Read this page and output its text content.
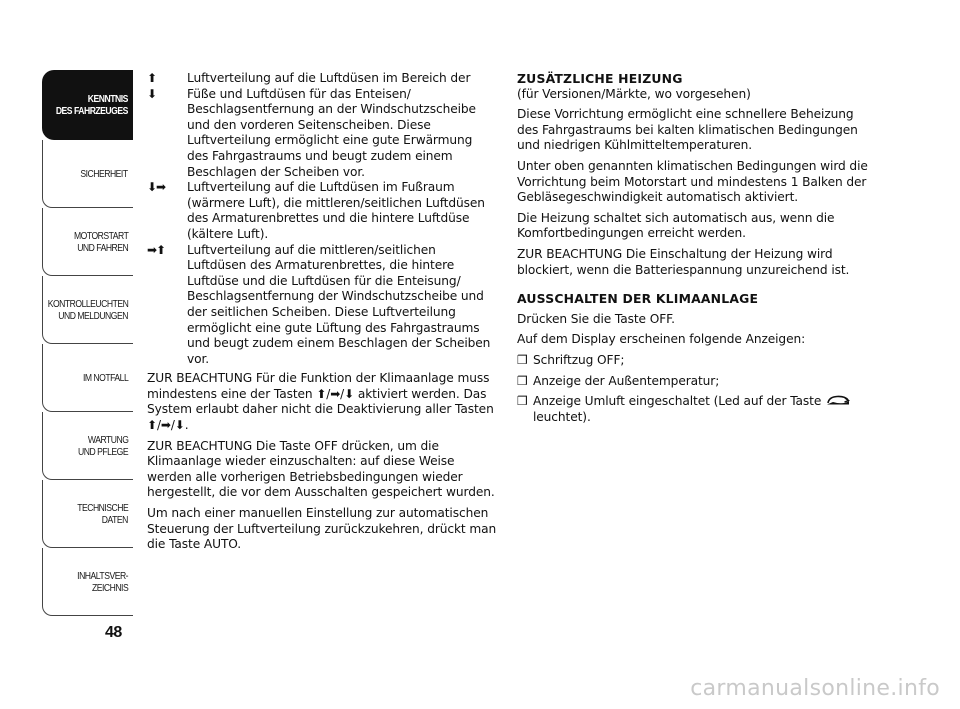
KENNTNIS
DES FAHRZEUGES
SICHERHEIT
MOTORSTART
UND FAHREN
KONTROLLEUCHTEN
UND MELDUNGEN
IM NOTFALL
WARTUNG
UND PFLEGE
TECHNISCHE
DATEN
INHALTSVER-
ZEICHNIS
48
⬆
⬇
Luftverteilung auf die Luftdüsen im Bereich der Füße und Luftdüsen für das Enteisen/ Beschlagsentfernung an der Windschutzscheibe und den vorderen Seitenscheiben. Diese Luftverteilung ermöglicht eine gute Erwärmung des Fahrgastraums und beugt zudem einem Beschlagen der Scheiben vor.
⬇➡	Luftverteilung auf die Luftdüsen im Fußraum (wärmere Luft), die mittleren/seitlichen Luftdüsen des Armaturenbrettes und die hintere Luftdüse (kältere Luft).
➡⬆	Luftverteilung auf die mittleren/seitlichen Luftdüsen des Armaturenbrettes, die hintere Luftdüse und die Luftdüsen für die Enteisung/ Beschlagsentfernung der Windschutzscheibe und der seitlichen Scheiben. Diese Luftverteilung ermöglicht eine gute Lüftung des Fahrgastraums und beugt zudem einem Beschlagen der Scheiben vor.

ZUR BEACHTUNG Für die Funktion der Klimaanlage muss mindestens eine der Tasten ⬆/➡/⬇ aktiviert werden. Das System erlaubt daher nicht die Deaktivierung aller Tasten ⬆/➡/⬇.

ZUR BEACHTUNG Die Taste OFF drücken, um die Klimaanlage wieder einzuschalten: auf diese Weise werden alle vorherigen Betriebsbedingungen wieder hergestellt, die vor dem Ausschalten gespeichert wurden.

Um nach einer manuellen Einstellung zur automatischen Steuerung der Luftverteilung zurückzukehren, drückt man die Taste AUTO.

ZUSÄTZLICHE HEIZUNG

(für Versionen/Märkte, wo vorgesehen)

Diese Vorrichtung ermöglicht eine schnellere Beheizung des Fahrgastraums bei kalten klimatischen Bedingungen und niedrigen Kühlmitteltemperaturen.

Unter oben genannten klimatischen Bedingungen wird die Vorrichtung beim Motorstart und mindestens 1 Balken der Gebläsegeschwindigkeit automatisch aktiviert.

Die Heizung schaltet sich automatisch aus, wenn die Komfortbedingungen erreicht werden.

ZUR BEACHTUNG Die Einschaltung der Heizung wird blockiert, wenn die Batteriespannung unzureichend ist.

AUSSCHALTEN DER KLIMAANLAGE

Drücken Sie die Taste OFF.

Auf dem Display erscheinen folgende Anzeigen:

❒ Schriftzug OFF;
❒ Anzeige der Außentemperatur;
❒ Anzeige Umluft eingeschaltet (Led auf der Taste  leuchtet).
carmanualsonline.info
